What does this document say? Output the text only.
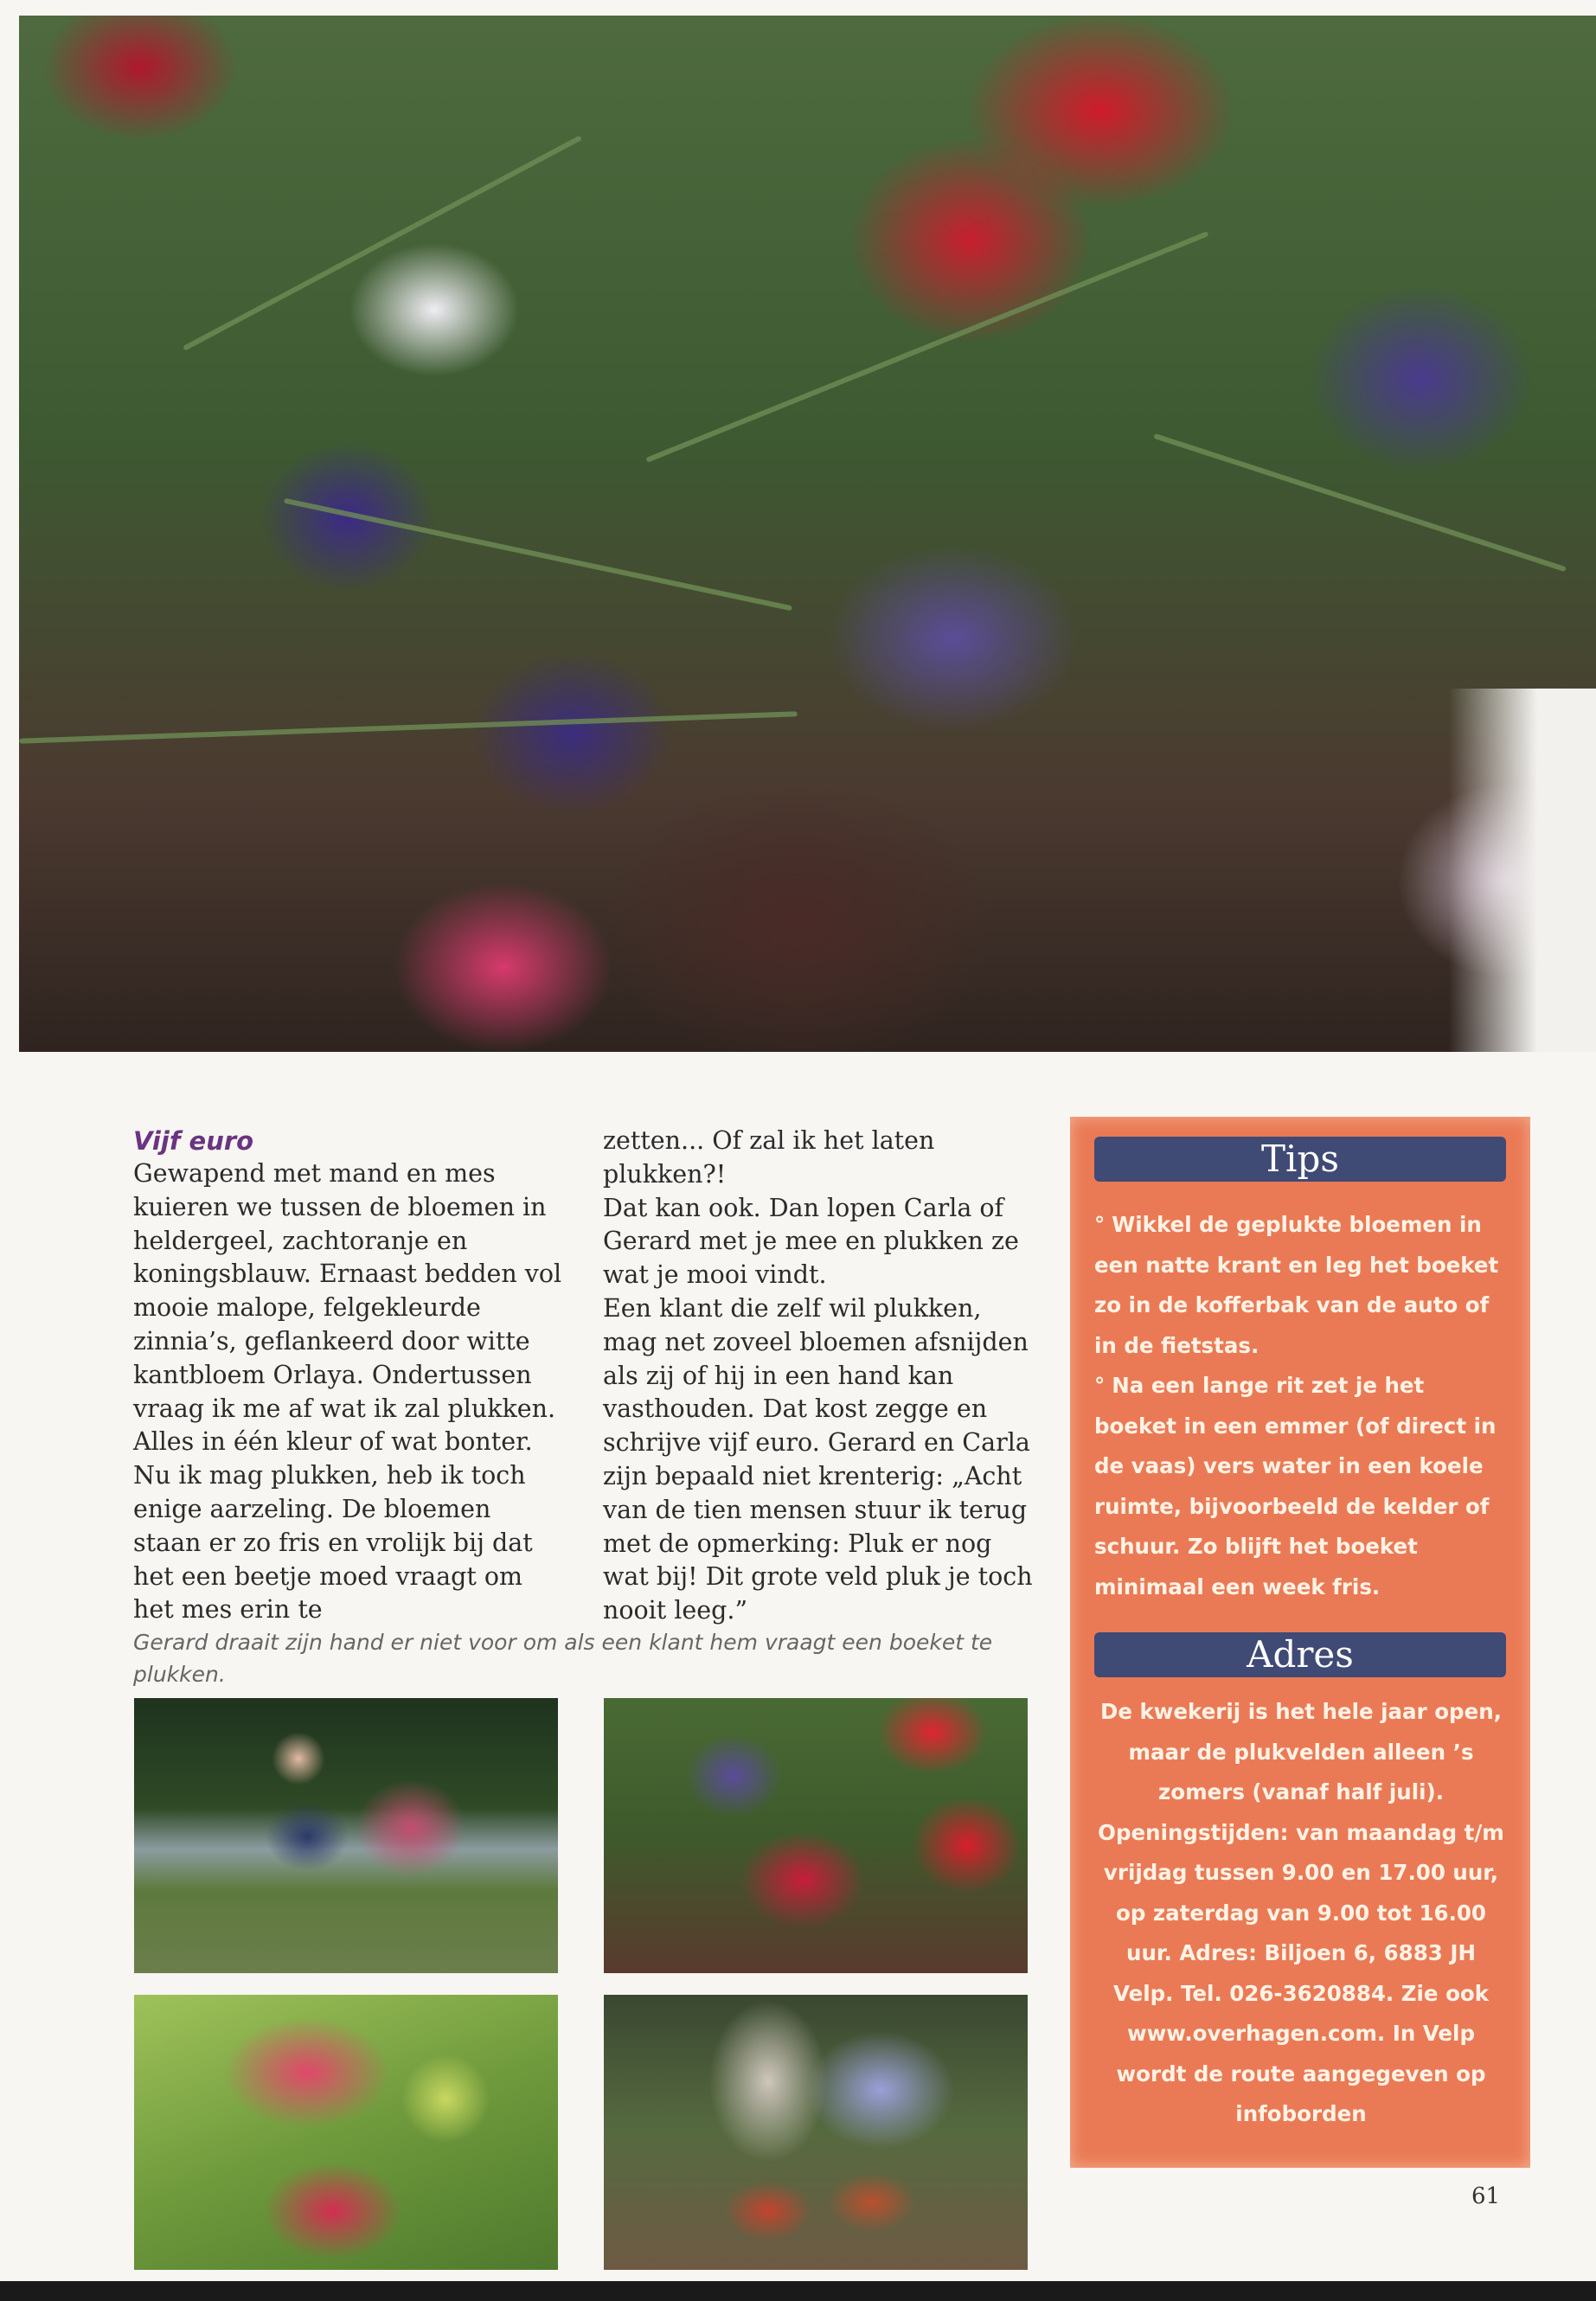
Vijf euro

Gewapend met mand en mes kuieren we tussen de bloemen in heldergeel, zachtoranje en koningsblauw. Ernaast bedden vol mooie malope, felgekleurde zinnia’s, geflankeerd door witte kantbloem Orlaya. Ondertussen vraag ik me af wat ik zal plukken. Alles in één kleur of wat bonter. Nu ik mag plukken, heb ik toch enige aarzeling. De bloemen staan er zo fris en vrolijk bij dat het een beetje moed vraagt om het mes erin te

zetten... Of zal ik het laten plukken?!

Dat kan ook. Dan lopen Carla of Gerard met je mee en plukken ze wat je mooi vindt.

Een klant die zelf wil plukken, mag net zoveel bloemen afsnijden als zij of hij in een hand kan vasthouden. Dat kost zegge en schrijve vijf euro. Gerard en Carla zijn bepaald niet krenterig: „Acht van de tien mensen stuur ik terug met de opmerking: Pluk er nog wat bij! Dit grote veld pluk je toch nooit leeg.”

Gerard draait zijn hand er niet voor om als een klant hem vraagt een boeket te plukken.
Tips
° Wikkel de geplukte bloemen in een natte krant en leg het boeket zo in de kofferbak van de auto of in de fietstas.
° Na een lange rit zet je het boeket in een emmer (of direct in de vaas) vers water in een koele ruimte, bijvoorbeeld de kelder of schuur. Zo blijft het boeket minimaal een week fris.
Adres

De kwekerij is het hele jaar open, maar de plukvelden alleen ’s zomers (vanaf half juli). Openingstijden: van maandag t/m vrijdag tussen 9.00 en 17.00 uur, op zaterdag van 9.00 tot 16.00 uur. Adres: Biljoen 6, 6883 JH Velp. Tel. 026-3620884. Zie ook www.overhagen.com. In Velp wordt de route aangegeven op infoborden

61
